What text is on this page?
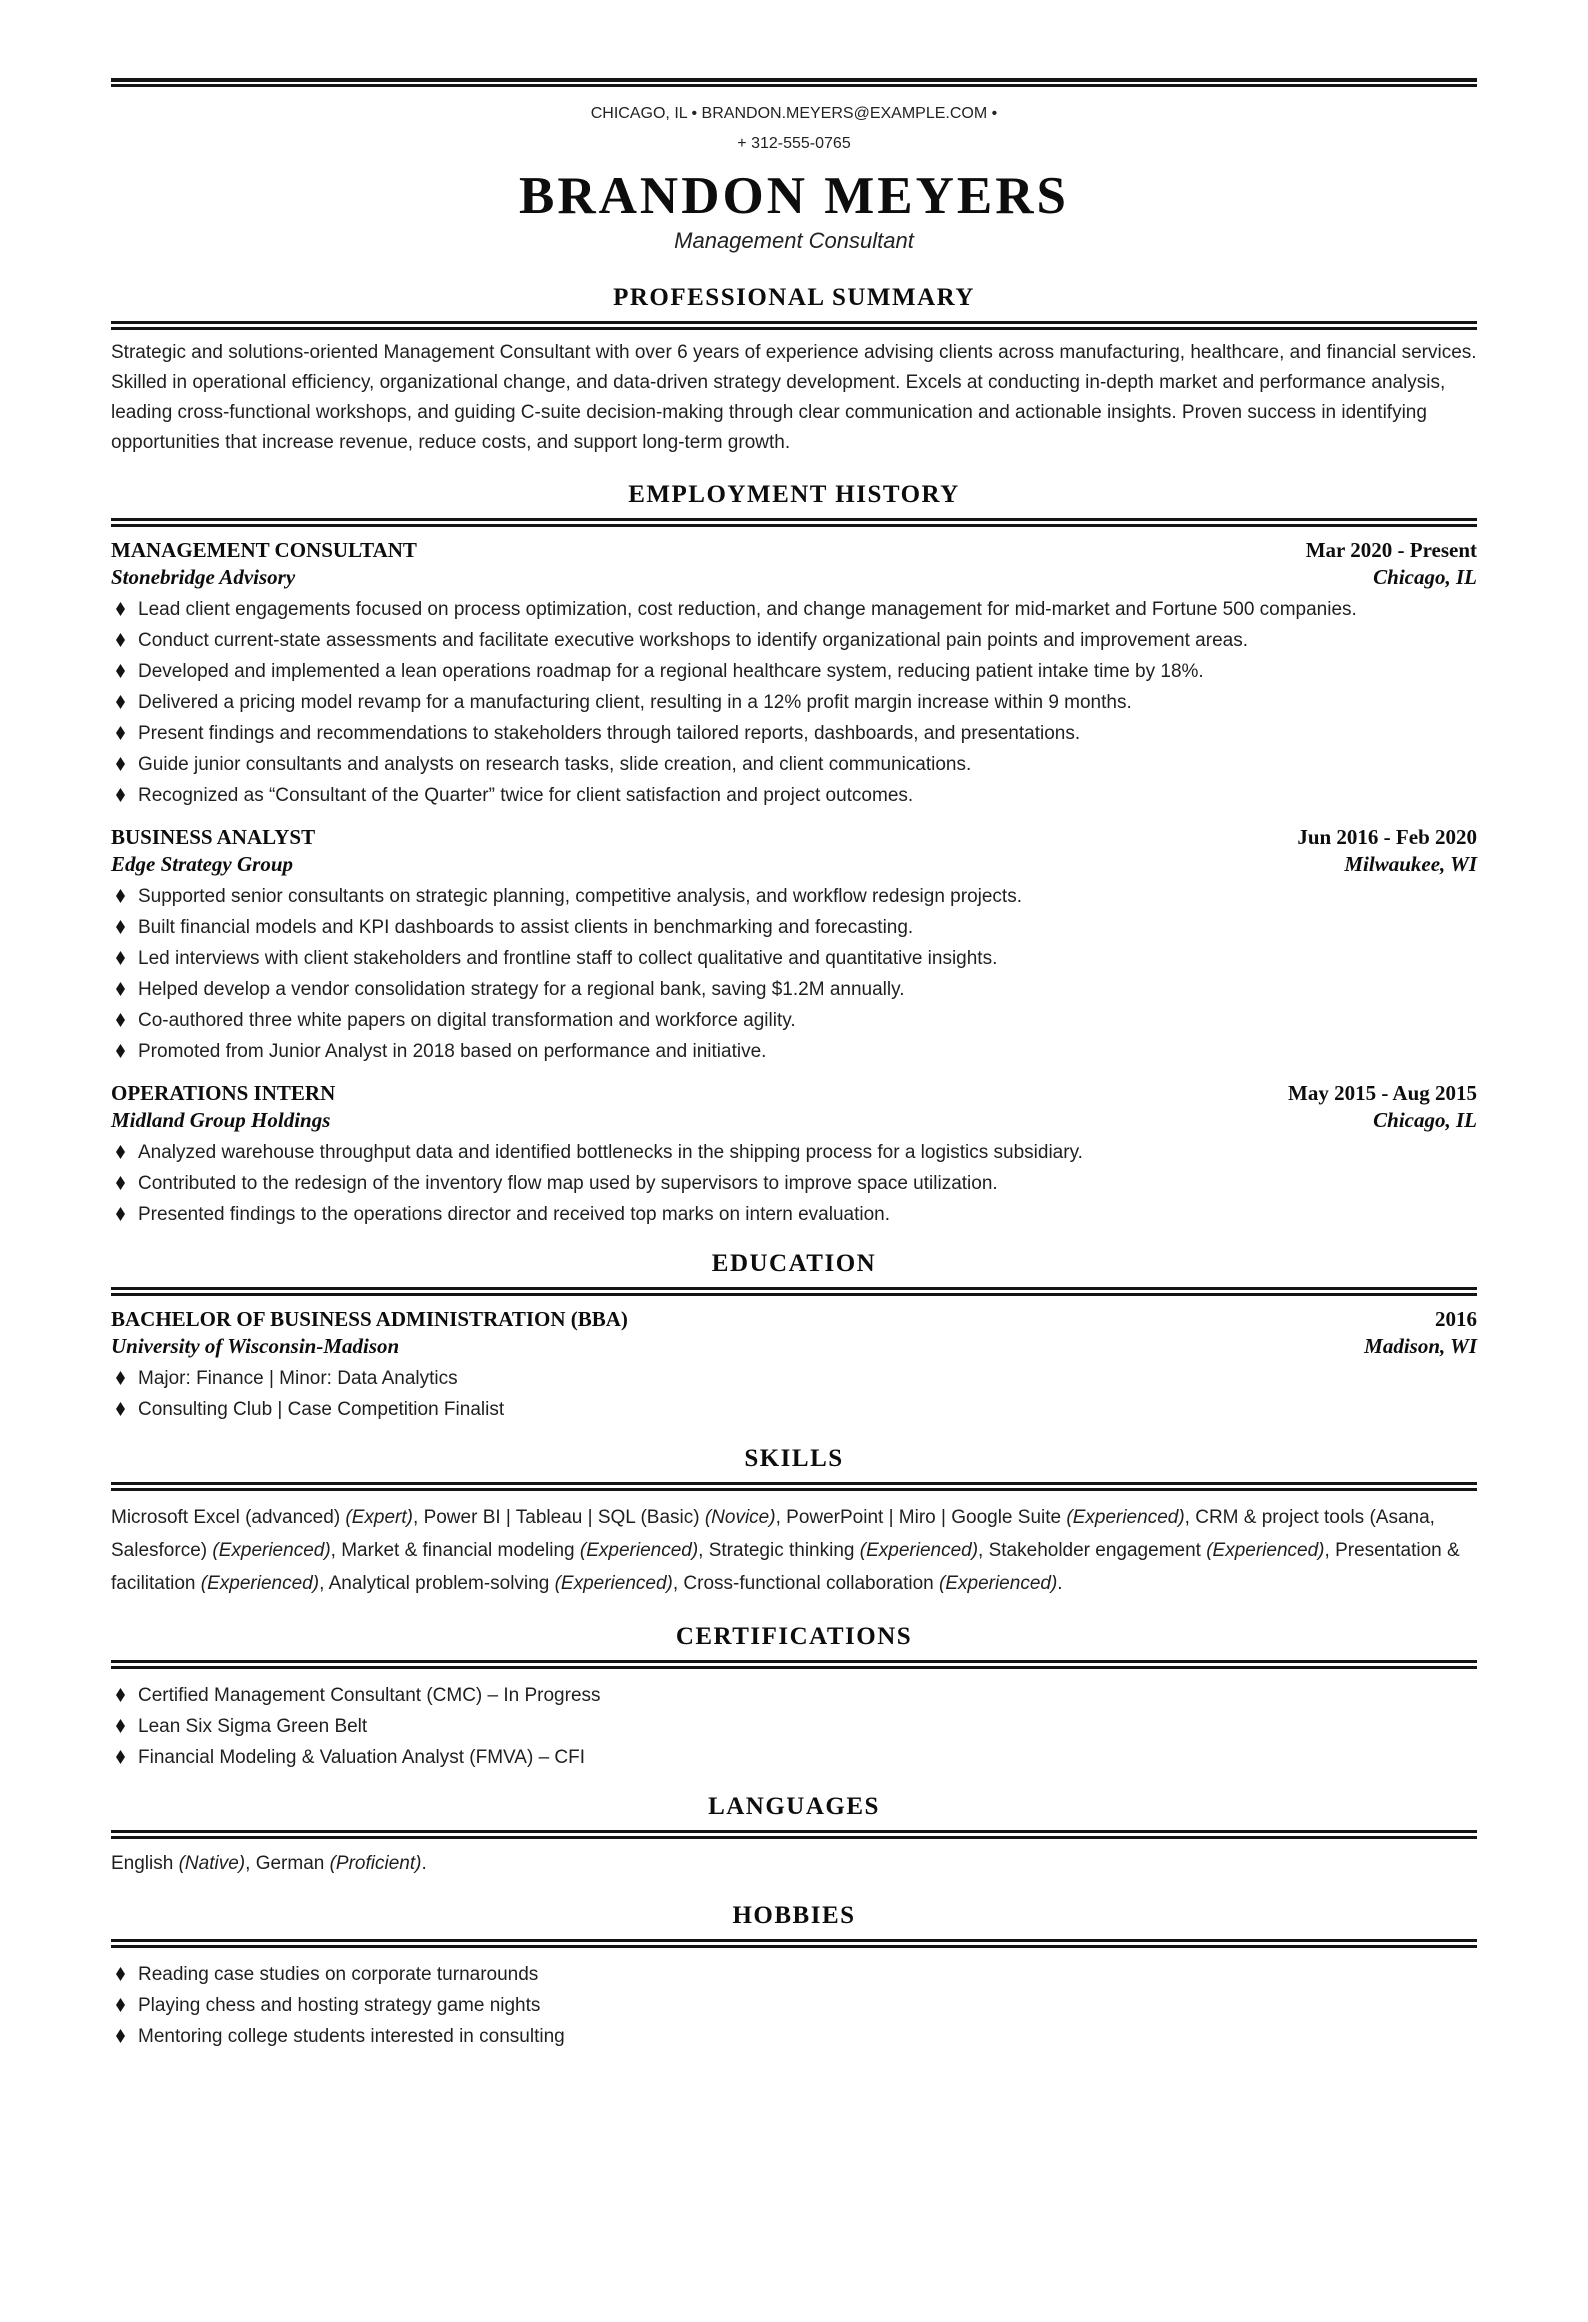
CHICAGO, IL • BRANDON.MEYERS@EXAMPLE.COM •
+ 312-555-0765
BRANDON MEYERS
Management Consultant
PROFESSIONAL SUMMARY

Strategic and solutions-oriented Management Consultant with over 6 years of experience advising clients across manufacturing, healthcare, and financial services. Skilled in operational efficiency, organizational change, and data-driven strategy development. Excels at conducting in-depth market and performance analysis, leading cross-functional workshops, and guiding C-suite decision-making through clear communication and actionable insights. Proven success in identifying opportunities that increase revenue, reduce costs, and support long-term growth.

EMPLOYMENT HISTORY
MANAGEMENT CONSULTANT
Stonebridge Advisory
Mar 2020 - Present
Chicago, IL
Lead client engagements focused on process optimization, cost reduction, and change management for mid-market and Fortune 500 companies.
Conduct current-state assessments and facilitate executive workshops to identify organizational pain points and improvement areas.
Developed and implemented a lean operations roadmap for a regional healthcare system, reducing patient intake time by 18%.
Delivered a pricing model revamp for a manufacturing client, resulting in a 12% profit margin increase within 9 months.
Present findings and recommendations to stakeholders through tailored reports, dashboards, and presentations.
Guide junior consultants and analysts on research tasks, slide creation, and client communications.
Recognized as “Consultant of the Quarter” twice for client satisfaction and project outcomes.
BUSINESS ANALYST
Edge Strategy Group
Jun 2016 - Feb 2020
Milwaukee, WI
Supported senior consultants on strategic planning, competitive analysis, and workflow redesign projects.
Built financial models and KPI dashboards to assist clients in benchmarking and forecasting.
Led interviews with client stakeholders and frontline staff to collect qualitative and quantitative insights.
Helped develop a vendor consolidation strategy for a regional bank, saving $1.2M annually.
Co-authored three white papers on digital transformation and workforce agility.
Promoted from Junior Analyst in 2018 based on performance and initiative.
OPERATIONS INTERN
Midland Group Holdings
May 2015 - Aug 2015
Chicago, IL
Analyzed warehouse throughput data and identified bottlenecks in the shipping process for a logistics subsidiary.
Contributed to the redesign of the inventory flow map used by supervisors to improve space utilization.
Presented findings to the operations director and received top marks on intern evaluation.
EDUCATION
BACHELOR OF BUSINESS ADMINISTRATION (BBA)
University of Wisconsin-Madison
2016
Madison, WI
Major: Finance | Minor: Data Analytics
Consulting Club | Case Competition Finalist
SKILLS

Microsoft Excel (advanced) (Expert), Power BI | Tableau | SQL (Basic) (Novice), PowerPoint | Miro | Google Suite (Experienced), CRM & project tools (Asana, Salesforce) (Experienced), Market & financial modeling (Experienced), Strategic thinking (Experienced), Stakeholder engagement (Experienced), Presentation & facilitation (Experienced), Analytical problem-solving (Experienced), Cross-functional collaboration (Experienced).

CERTIFICATIONS
Certified Management Consultant (CMC) – In Progress
Lean Six Sigma Green Belt
Financial Modeling & Valuation Analyst (FMVA) – CFI
LANGUAGES

English (Native), German (Proficient).

HOBBIES
Reading case studies on corporate turnarounds
Playing chess and hosting strategy game nights
Mentoring college students interested in consulting
